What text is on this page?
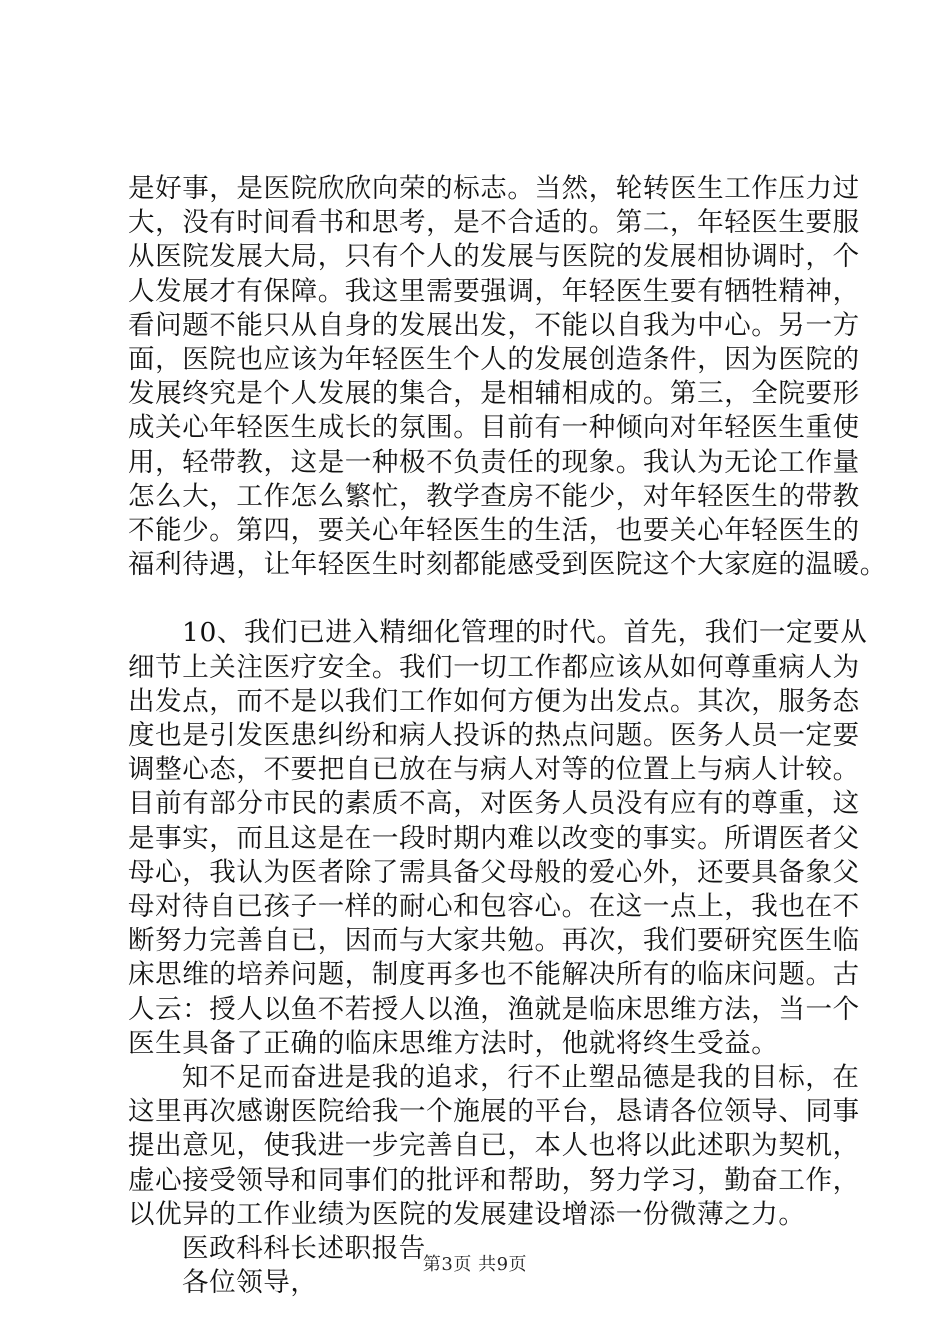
是好事，是医院欣欣向荣的标志。当然，轮转医生工作压力过
大，没有时间看书和思考，是不合适的。第二，年轻医生要服
从医院发展大局，只有个人的发展与医院的发展相协调时，个
人发展才有保障。我这里需要强调，年轻医生要有牺牲精神，
看问题不能只从自身的发展出发，不能以自我为中心。另一方
面，医院也应该为年轻医生个人的发展创造条件，因为医院的
发展终究是个人发展的集合，是相辅相成的。第三，全院要形
成关心年轻医生成长的氛围。目前有一种倾向对年轻医生重使
用，轻带教，这是一种极不负责任的现象。我认为无论工作量
怎么大，工作怎么繁忙，教学查房不能少，对年轻医生的带教
不能少。第四，要关心年轻医生的生活，也要关心年轻医生的
福利待遇，让年轻医生时刻都能感受到医院这个大家庭的温暖。
10、我们已进入精细化管理的时代。首先，我们一定要从
细节上关注医疗安全。我们一切工作都应该从如何尊重病人为
出发点，而不是以我们工作如何方便为出发点。其次，服务态
度也是引发医患纠纷和病人投诉的热点问题。医务人员一定要
调整心态，不要把自已放在与病人对等的位置上与病人计较。
目前有部分市民的素质不高，对医务人员没有应有的尊重，这
是事实，而且这是在一段时期内难以改变的事实。所谓医者父
母心，我认为医者除了需具备父母般的爱心外，还要具备象父
母对待自已孩子一样的耐心和包容心。在这一点上，我也在不
断努力完善自已，因而与大家共勉。再次，我们要研究医生临
床思维的培养问题，制度再多也不能解决所有的临床问题。古
人云：授人以鱼不若授人以渔，渔就是临床思维方法，当一个
医生具备了正确的临床思维方法时，他就将终生受益。
知不足而奋进是我的追求，行不止塑品德是我的目标，在
这里再次感谢医院给我一个施展的平台，恳请各位领导、同事
提出意见，使我进一步完善自已，本人也将以此述职为契机，
虚心接受领导和同事们的批评和帮助，努力学习，勤奋工作，
以优异的工作业绩为医院的发展建设增添一份微薄之力。
医政科科长述职报告
各位领导，
第3页 共9页
